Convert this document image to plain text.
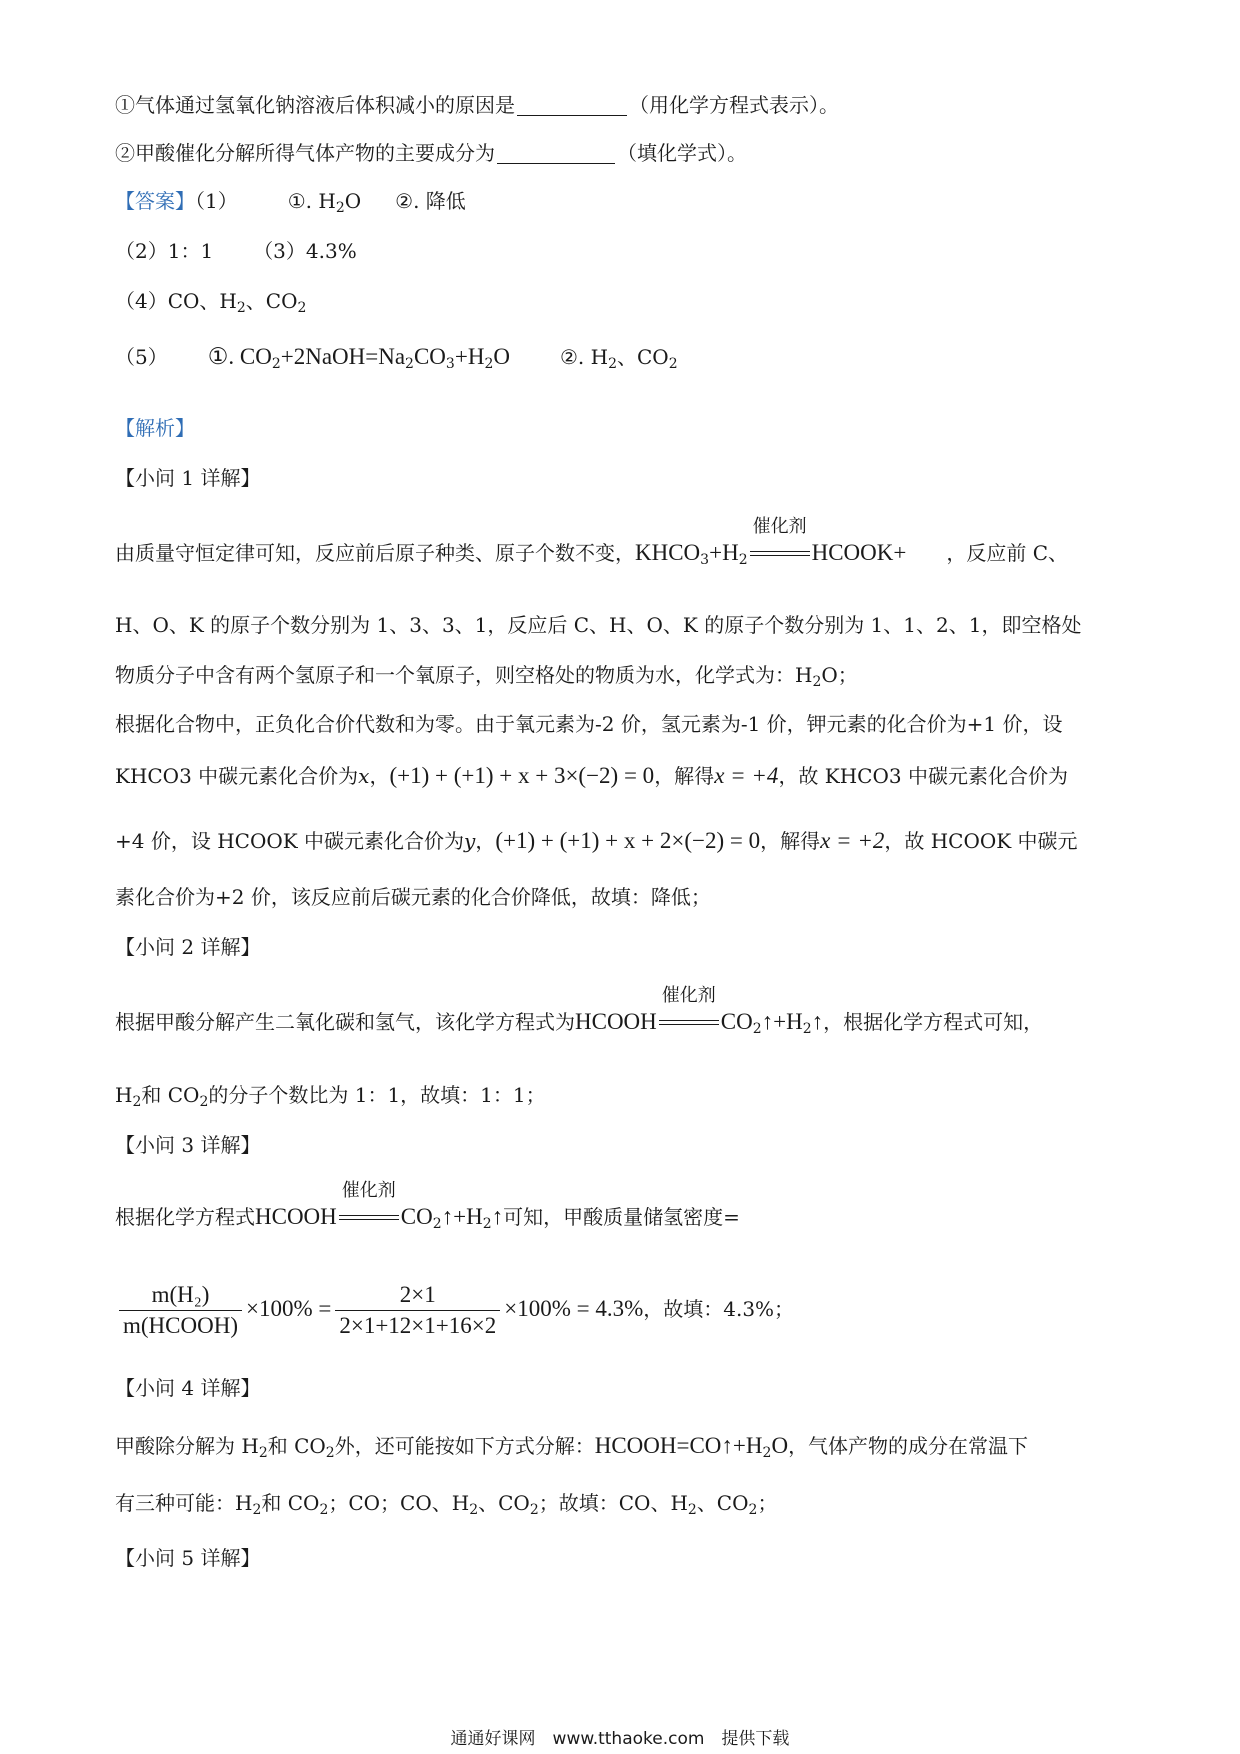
①气体通过氢氧化钠溶液后体积减小的原因是	（用化学方程式表示）。
②甲酸催化分解所得气体产物的主要成分为	（填化学式）。
【答案】（1）	①. $H_2O$ ②. 降低
（2）1：1 （3）4.3%
（4）CO、$H_2$、$CO_2$
（5） ①. $CO_2+2NaOH=Na_2CO_3+H_2O$	②. $H_2$、$CO_2$
【解析】
【小问 1 详解】
由质量守恒定律可知，反应前后原子种类、原子个数不变，$KHCO_3+H_2$
催化剂
HCOOK+ ，反应前 C、
H、O、K 的原子个数分别为 1、3、3、1，反应后 C、H、O、K 的原子个数分别为 1、1、2、1，即空格处
物质分子中含有两个氢原子和一个氧原子，则空格处的物质为水，化学式为：$H_2O$；
根据化合物中，正负化合价代数和为零。由于氧元素为-2 价，氢元素为-1 价，钾元素的化合价为+1 价，设
KHCO3 中碳元素化合价为x，(+1) + (+1) + x + 3×(−2) = 0，解得x = +4，故 KHCO3 中碳元素化合价为
+4 价，设 HCOOK 中碳元素化合价为y，(+1) + (+1) + x + 2×(−2) = 0，解得x = +2，故 HCOOK 中碳元
素化合价为+2 价，该反应前后碳元素的化合价降低，故填：降低；
【小问 2 详解】
根据甲酸分解产生二氧化碳和氢气，该化学方程式为HCOOH
催化剂
$CO_2↑+H_2↑$，根据化学方程式可知，
$H_2$和 $CO_2$的分子个数比为 1：1，故填：1：1；
【小问 3 详解】
根据化学方程式HCOOH
催化剂
$CO_2↑+H_2↑$可知，甲酸质量储氢密度=
$\frac{\text{m(H₂)}}{\text{m(HCOOH)}} \times 100\% = \frac{2\times 1}{2\times 1+12\times 1+16\times 2} \times 100\% = 4.3\%$，故填：4.3%；
【小问 4 详解】
甲酸除分解为 $H_2$和 $CO_2$外，还可能按如下方式分解：$HCOOH=CO↑+H_2O$，气体产物的成分在常温下
有三种可能：$H_2$和 $CO_2$；CO；CO、$H_2$、$CO_2$；故填：CO、$H_2$、$CO_2$；
【小问 5 详解】
通通好课网　www.tthaoke.com　提供下载
